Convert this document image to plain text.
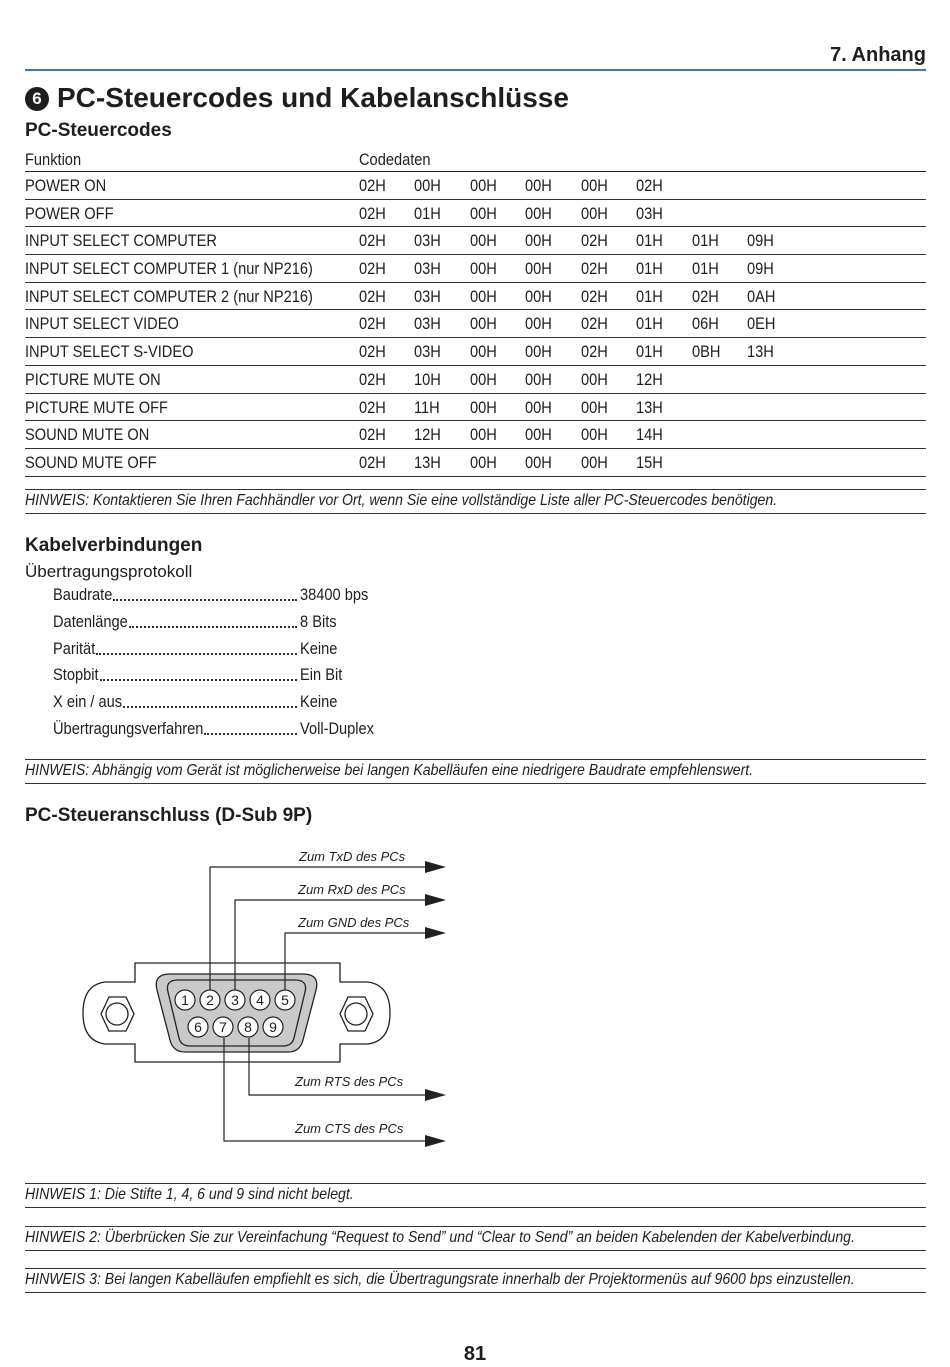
7. Anhang
6 PC-Steuercodes und Kabelanschlüsse
PC-Steuercodes
Funktion	Codedaten
POWER ON	02H 00H 00H 00H 00H 02H
POWER OFF	02H 01H 00H 00H 00H 03H
INPUT SELECT COMPUTER	02H 03H 00H 00H 02H 01H 01H 09H
INPUT SELECT COMPUTER 1 (nur NP216)	02H 03H 00H 00H 02H 01H 01H 09H
INPUT SELECT COMPUTER 2 (nur NP216)	02H 03H 00H 00H 02H 01H 02H 0AH
INPUT SELECT VIDEO	02H 03H 00H 00H 02H 01H 06H 0EH
INPUT SELECT S-VIDEO	02H 03H 00H 00H 02H 01H 0BH 13H
PICTURE MUTE ON	02H 10H 00H 00H 00H 12H
PICTURE MUTE OFF	02H 11H 00H 00H 00H 13H
SOUND MUTE ON	02H 12H 00H 00H 00H 14H
SOUND MUTE OFF	02H 13H 00H 00H 00H 15H
HINWEIS: Kontaktieren Sie Ihren Fachhändler vor Ort, wenn Sie eine vollständige Liste aller PC-Steuercodes benötigen.
Kabelverbindungen
Übertragungsprotokoll
Baudrate	38400 bps
Datenlänge	8 Bits
Parität	Keine
Stopbit	Ein Bit
X ein / aus	Keine
Übertragungsverfahren	Voll-Duplex
HINWEIS: Abhängig vom Gerät ist möglicherweise bei langen Kabelläufen eine niedrigere Baudrate empfehlenswert.
PC-Steueranschluss (D-Sub 9P)
Zum TxD des PCs
Zum RxD des PCs
Zum GND des PCs
Zum RTS des PCs
Zum CTS des PCs
1 2 3 4 5
6 7 8 9
HINWEIS 1: Die Stifte 1, 4, 6 und 9 sind nicht belegt.
HINWEIS 2: Überbrücken Sie zur Vereinfachung “Request to Send” und “Clear to Send” an beiden Kabelenden der Kabelverbindung.
HINWEIS 3: Bei langen Kabelläufen empfiehlt es sich, die Übertragungsrate innerhalb der Projektormenüs auf 9600 bps einzustellen.
81
